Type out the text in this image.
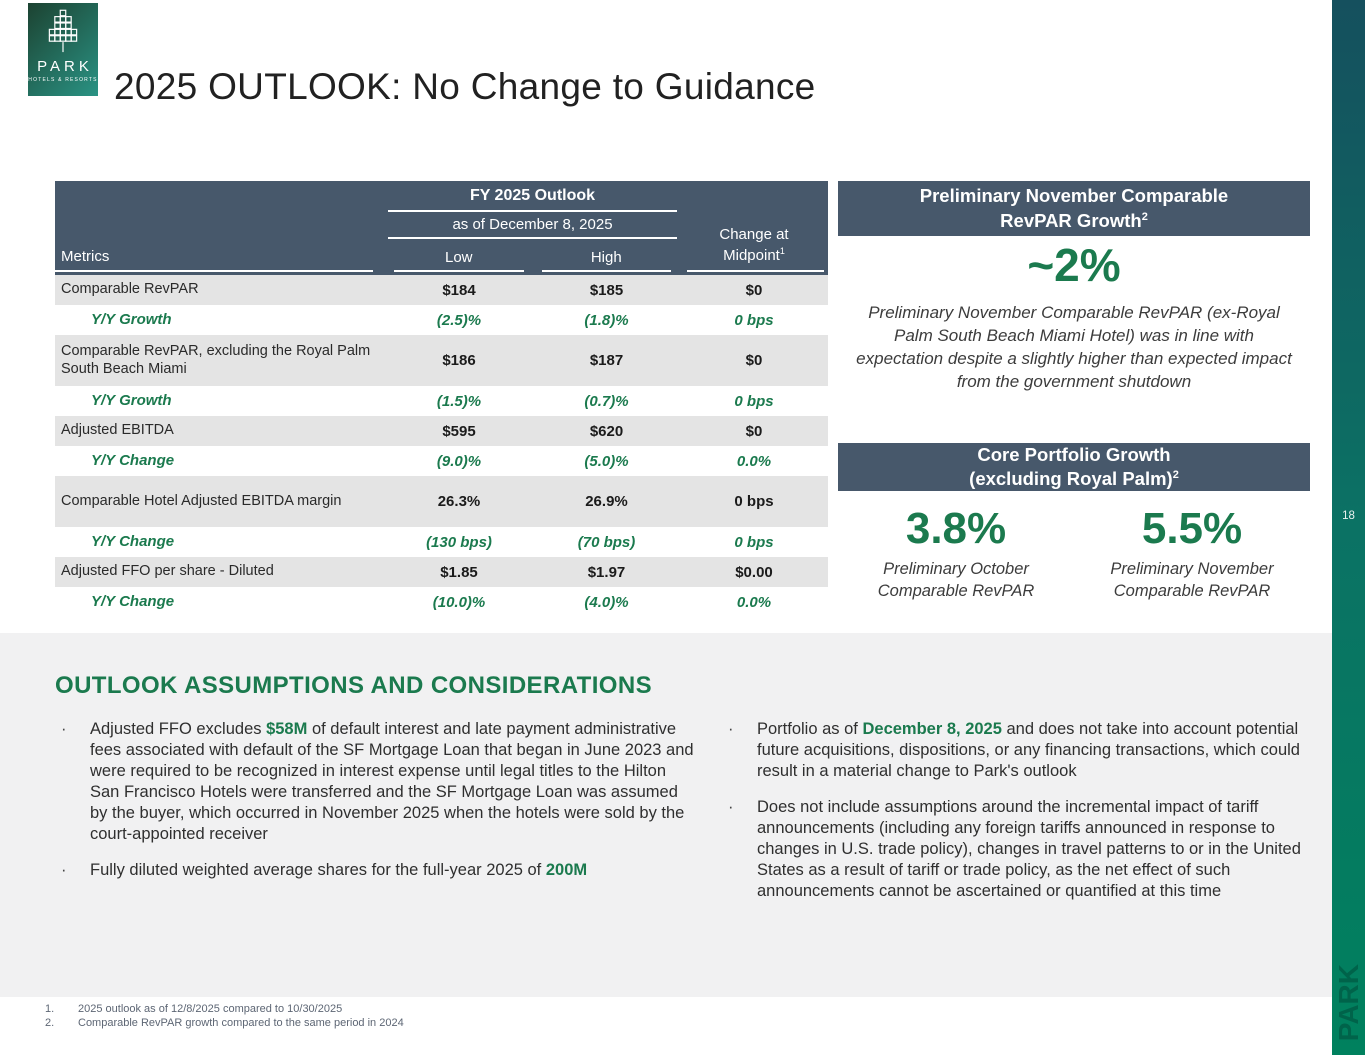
PARK
HOTELS & RESORTS 2025 OUTLOOK: No Change to Guidance
Metrics
FY 2025 Outlook
as of December 8, 2025
Low	High
Change at
Midpoint$^1$
Comparable RevPAR	$184	$185	$0
Y/Y Growth	(2.5)%	(1.8)%	0 bps
Comparable RevPAR, excluding the Royal Palm South Beach Miami	$186	$187	$0
Y/Y Growth	(1.5)%	(0.7)%	0 bps
Adjusted EBITDA	$595	$620	$0
Y/Y Change	(9.0)%	(5.0)%	0.0%
Comparable Hotel Adjusted EBITDA margin	26.3%	26.9%	0 bps
Y/Y Change	(130 bps)	(70 bps)	0 bps
Adjusted FFO per share - Diluted	$1.85	$1.97	$0.00
Y/Y Change	(10.0)%	(4.0)%	0.0%
Preliminary November Comparable
RevPAR Growth$^2$
~2%
Preliminary November Comparable RevPAR (ex-Royal Palm South Beach Miami Hotel) was in line with expectation despite a slightly higher than expected impact from the government shutdown
Core Portfolio Growth
(excluding Royal Palm)$^2$
3.8%
Preliminary October Comparable RevPAR
5.5%
Preliminary November Comparable RevPAR
OUTLOOK ASSUMPTIONS AND CONSIDERATIONS
·	Adjusted FFO excludes $58M of default interest and late payment administrative fees associated with default of the SF Mortgage Loan that began in June 2023 and were required to be recognized in interest expense until legal titles to the Hilton San Francisco Hotels were transferred and the SF Mortgage Loan was assumed by the buyer, which occurred in November 2025 when the hotels were sold by the court-appointed receiver
·	Fully diluted weighted average shares for the full-year 2025 of 200M
·	Portfolio as of December 8, 2025 and does not take into account potential future acquisitions, dispositions, or any financing transactions, which could result in a material change to Park's outlook
·	Does not include assumptions around the incremental impact of tariff announcements (including any foreign tariffs announced in response to changes in U.S. trade policy), changes in travel patterns to or in the United States as a result of tariff or trade policy, as the net effect of such announcements cannot be ascertained or quantified at this time
1.	2025 outlook as of 12/8/2025 compared to 10/30/2025
2.	Comparable RevPAR growth compared to the same period in 2024
18
PARK
